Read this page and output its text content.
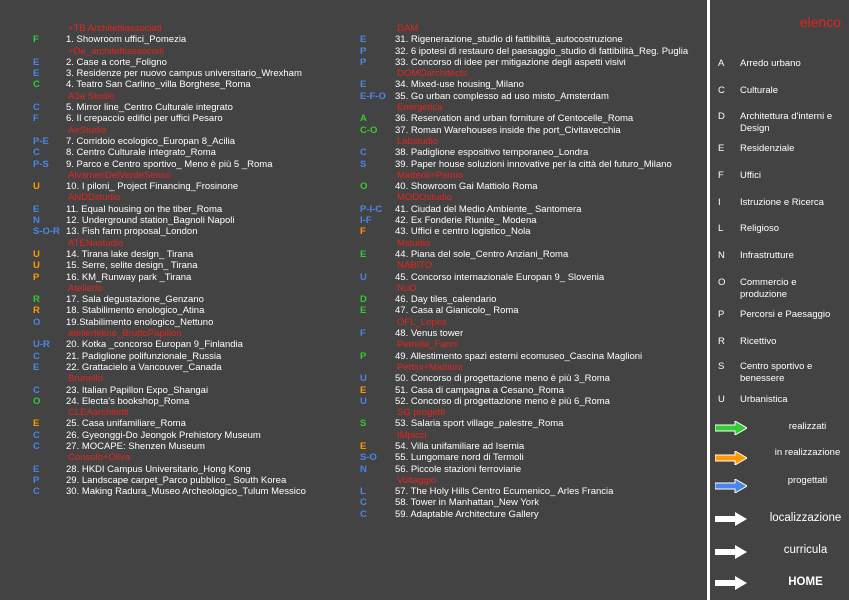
+TB Architettiassociati
F	1. Showroom uffici_Pomezia
+De_architettiassociati
E	2. Case a corte_Foligno
E	3. Residenze per nuovo campus universitario_Wrexham
C	4. Teatro San Carlino_villa Borghese_Roma
A3a Studio
C	5. Mirror line_Centro Culturale integrato
F	6. Il crepaccio edifici per uffici Pesaro
AeStudio
P-E 7. Corridoio ecologico_Europan 8_Acilia
C	8. Centro Culturale integrato_Roma
P-S 9. Parco e Centro sportivo_ Meno è più 5 _Roma
AlvameriDelVerdeSenso
U	10. I piloni_ Project Financing_Frosinone
ANDDstudio
E	11. Equal housing on the tiber_Roma
N	12. Underground station_Bagnoli Napoli
S-O-R 13. Fish farm proposal_London
ATENastudio
U	14. Tirana lake design_ Tirana
U	15. Serre, selite design_ Tirana
P	16. KM_Runway park _Tirana
Atelierfo
R	17. Sala degustazione_Genzano
R	18. Stabilimento enologico_Atina
O	19.Stabilimento enologico_Nettuno
ateliertekne_BruttoPapillon
U-R 20. Kotka _concorso Europan 9_Finlandia
C	21. Padiglione polifunzionale_Russia
E	22. Grattacielo a Vancouver_Canada
Brunello
C	23. Italian Papillon Expo_Shangai
O	24. Electa's bookshop_Roma
CLEAarchitetti
E	25. Casa unifamiliare_Roma
C	26. Gyeonggi-Do Jeongok Prehistory Museum
C	27. MOCAPE: Shenzen Museum
Consolo+Oliva
E	28. HKDI Campus Universitario_Hong Kong
P	29. Landscape carpet_Parco pubblico_ South Korea
C	30. Making Radura_Museo Archeologico_Tulum Messico
DAM
E	31. Rigenerazione_studio di fattibilità_autocostruzione
P	32. 6 ipotesi di restauro del paesaggio_studio di fattibilità_Reg. Puglia
P	33. Concorso di idee per mitigazione degli aspetti visivi
DOMOarchitects
E	34. Mixed-use housing_Milano
E-F-O 35. Go urban complesso ad uso misto_Amsterdam
Energetica
A	36. Reservation and urban forniture of Centocelle_Roma
C-O 37. Roman Warehouses inside the port_Civitavecchia
Labstudio
C	38. Padiglione espositivo temporaneo_Londra
S	39. Paper house soluzioni innovative per la città del futuro_Milano
Matteoli+Pamio
O	40. Showroom Gai Mattiolo Roma
MODOstudio
P-I-C 41. Ciudad del Medio Ambiente_ Santomera
I-F 42. Ex Fonderie Riunite_ Modena
F	43. Uffici e centro logistico_Nola
Mstudio
E	44. Piana del sole_Centro Anziani_Roma
NABITO
U	45. Concorso internazionale Europan 9_ Slovenia
NuO
D	46. Day tiles_calendario
E	47. Casa al Gianicolo_ Roma
OFL_Lopes
F	48. Venus tower
Petrella_Fanni
P	49. Allestimento spazi esterni ecomuseo_Cascina Maglioni
Pettini+Mattioni
U	50. Concorso di progettazione meno è più 3_Roma
E	51. Casa di campagna a Cesano_Roma
U	52. Concorso di progettazione meno è più 6_Roma
SG progetti
S	53. Salaria sport village_palestre_Roma
tMpicci
E	54. Villa unifamiliare ad Isernia
S-O 55. Lungomare nord di Termoli
N	56. Piccole stazioni ferroviarie
Voltaggio
L	57. The Holy Hills Centro Ecumenico_ Arles Francia
C	58. Tower in Manhattan_New York
C	59. Adaptable Architecture Gallery
elenco
A Arredo urbano
C Culturale
D Architettura d'interni e Design
E Residenziale
F Uffici
I Istruzione e Ricerca
L Religioso
N Infrastrutture
O Commercio e produzione
P Percorsi e Paesaggio
R Ricettivo
S Centro sportivo e benessere
U Urbanistica
realizzati
in realizzazione
progettati
localizzazione
curricula
HOME
